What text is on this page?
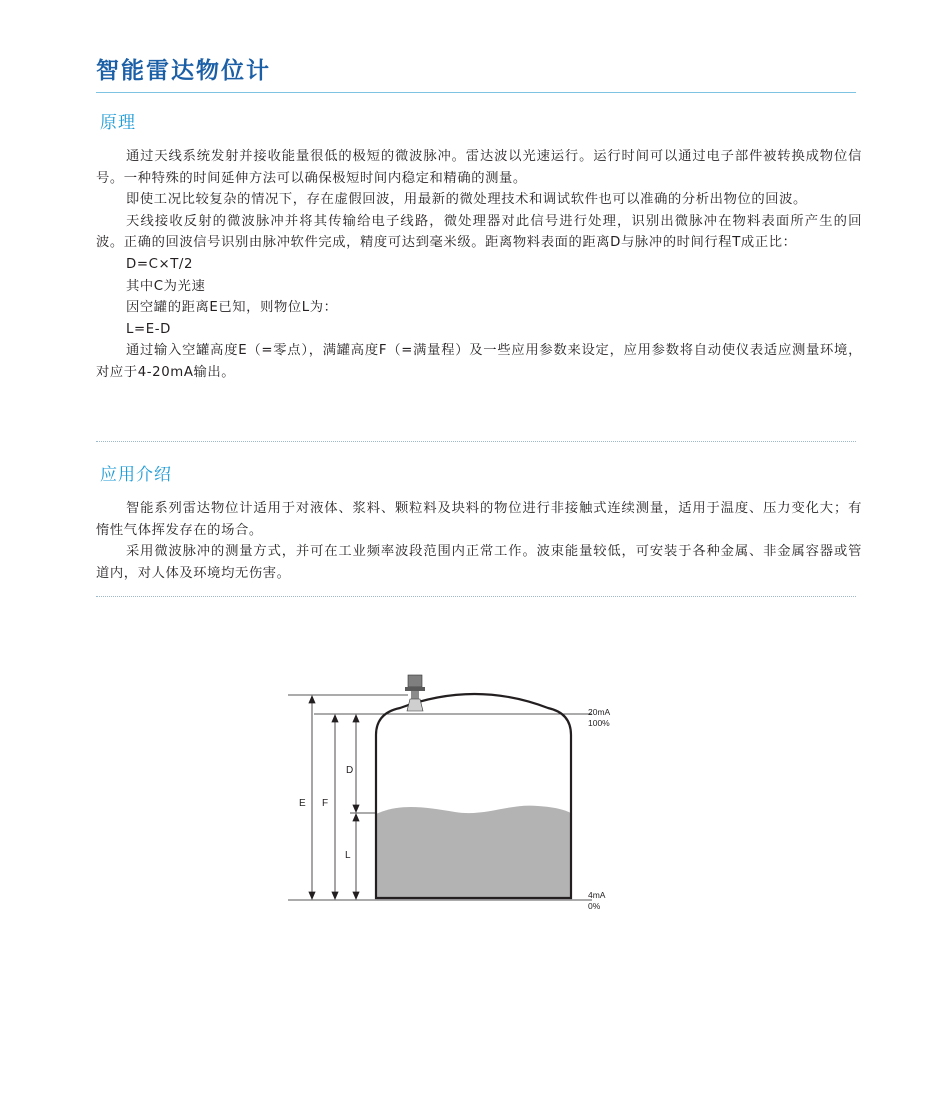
智能雷达物位计
原理
通过天线系统发射并接收能量很低的极短的微波脉冲。雷达波以光速运行。运行时间可以通过电子部件被转换成物位信号。一种特殊的时间延伸方法可以确保极短时间内稳定和精确的测量。
即使工况比较复杂的情况下，存在虚假回波，用最新的微处理技术和调试软件也可以准确的分析出物位的回波。
天线接收反射的微波脉冲并将其传输给电子线路，微处理器对此信号进行处理，识别出微脉冲在物料表面所产生的回波。正确的回波信号识别由脉冲软件完成，精度可达到毫米级。距离物料表面的距离D与脉冲的时间行程T成正比：
D=C×T/2
其中C为光速
因空罐的距离E已知，则物位L为：
L=E-D
通过输入空罐高度E（=零点），满罐高度F（=满量程）及一些应用参数来设定，应用参数将自动使仪表适应测量环境，对应于4-20mA输出。
应用介绍
智能系列雷达物位计适用于对液体、浆料、颗粒料及块料的物位进行非接触式连续测量，适用于温度、压力变化大；有惰性气体挥发存在的场合。
采用微波脉冲的测量方式，并可在工业频率波段范围内正常工作。波束能量较低，可安装于各种金属、非金属容器或管道内，对人体及环境均无伤害。
E F
D
L
20mA
100%
4mA
0%
